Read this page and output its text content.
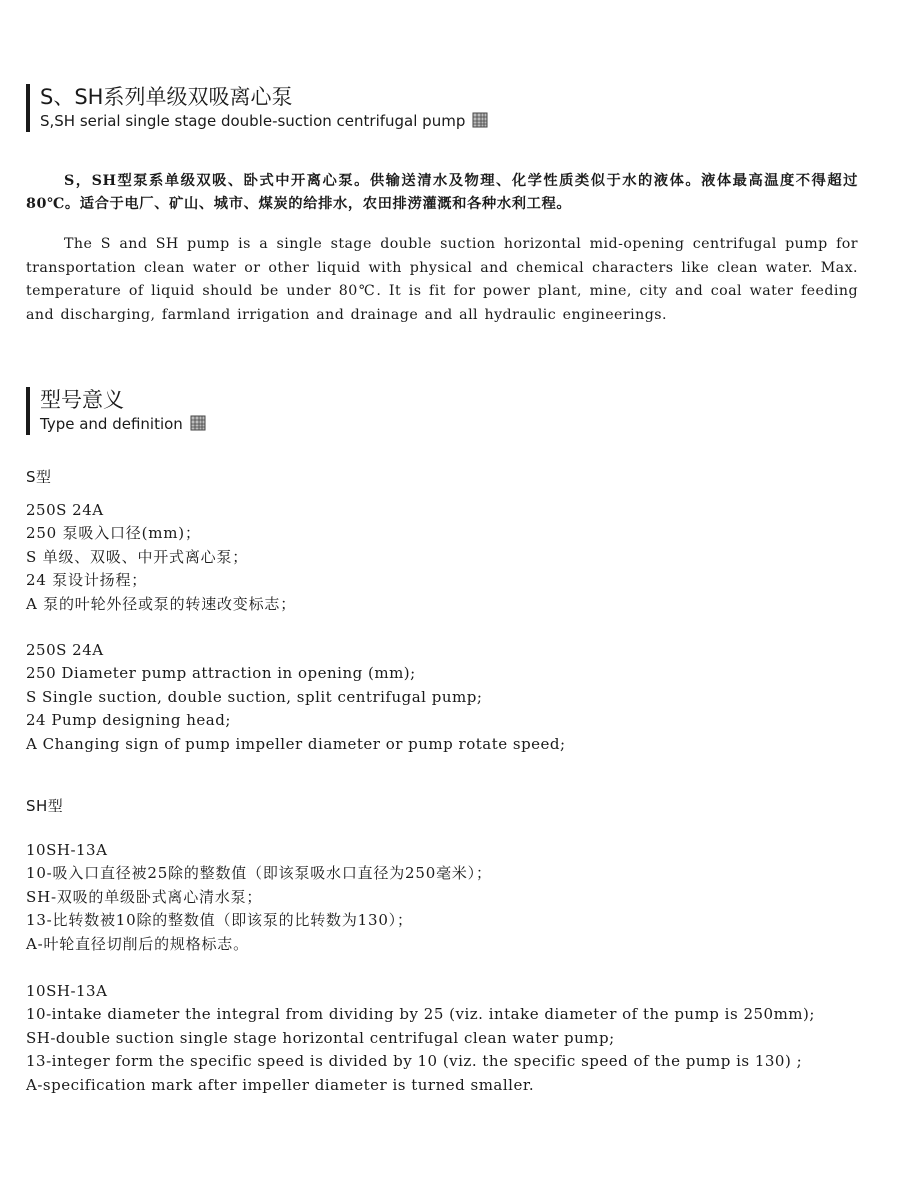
S、SH系列单级双吸离心泵
S,SH serial single stage double-suction centrifugal pump

S，SH型泵系单级双吸、卧式中开离心泵。供输送清水及物理、化学性质类似于水的液体。液体最高温度不得超过80℃。适合于电厂、矿山、城市、煤炭的给排水，农田排涝灌溉和各种水利工程。

The S and SH pump is a single stage double suction horizontal mid-opening centrifugal pump for transportation clean water or other liquid with physical and chemical characters like clean water. Max. temperature of liquid should be under 80℃. It is fit for power plant, mine, city and coal water feeding and discharging, farmland irrigation and drainage and all hydraulic engineerings.

型号意义
Type and definition
S型
250S 24A
250 泵吸入口径(mm)；
S 单级、双吸、中开式离心泵；
24 泵设计扬程；
A 泵的叶轮外径或泵的转速改变标志；
250S 24A
250 Diameter pump attraction in opening (mm);
S Single suction, double suction, split centrifugal pump;
24 Pump designing head;
A Changing sign of pump impeller diameter or pump rotate speed;
SH型
10SH-13A
10-吸入口直径被25除的整数值（即该泵吸水口直径为250毫米）；
SH-双吸的单级卧式离心清水泵；
13-比转数被10除的整数值（即该泵的比转数为130）；
A-叶轮直径切削后的规格标志。
10SH-13A
10-intake diameter the integral from dividing by 25 (viz. intake diameter of the pump is 250mm);
SH-double suction single stage horizontal centrifugal clean water pump;
13-integer form the specific speed is divided by 10 (viz. the specific speed of the pump is 130) ;
A-specification mark after impeller diameter is turned smaller.
